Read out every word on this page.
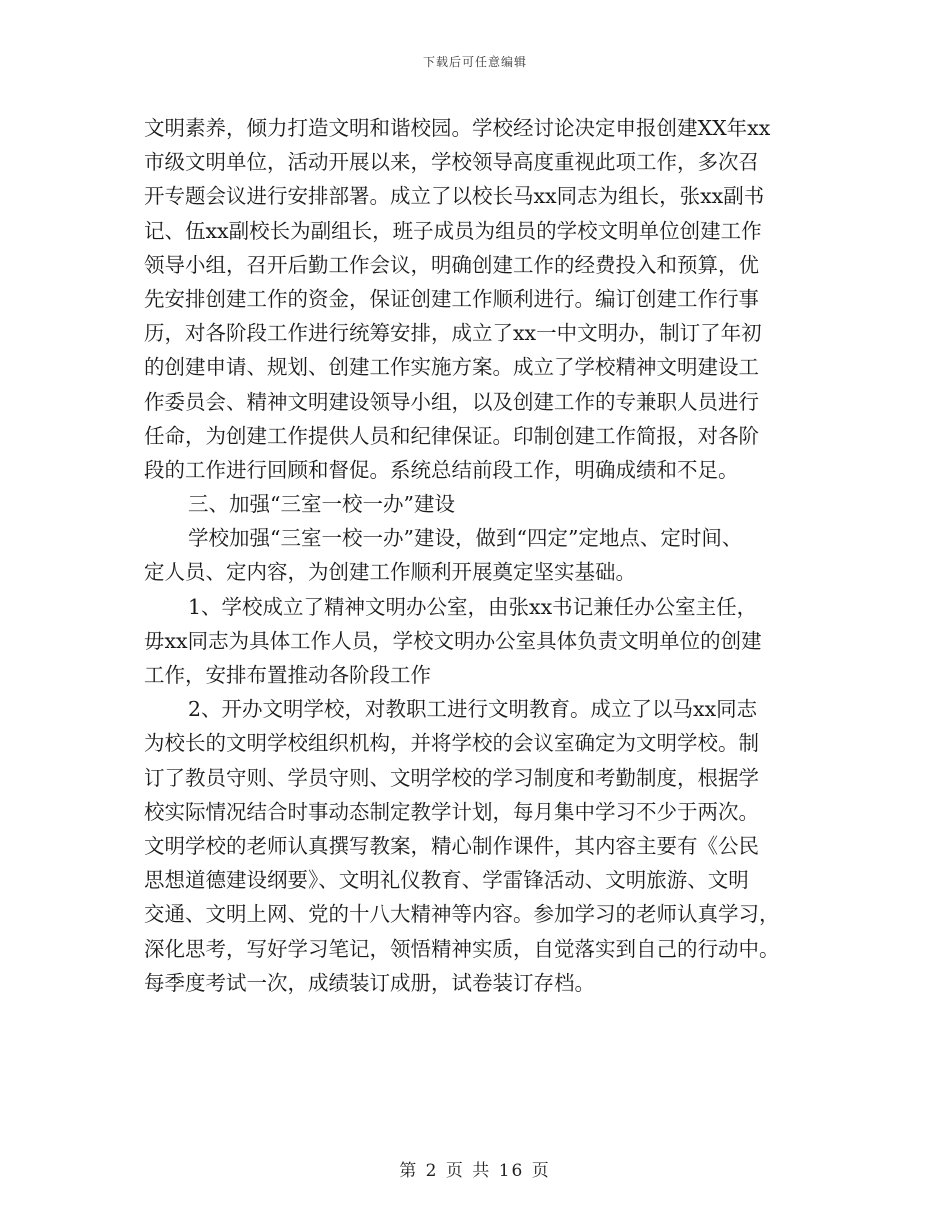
下载后可任意编辑
文明素养，倾力打造文明和谐校园。学校经讨论决定申报创建XX年xx
市级文明单位，活动开展以来，学校领导高度重视此项工作，多次召
开专题会议进行安排部署。成立了以校长马xx同志为组长，张xx副书
记、伍xx副校长为副组长，班子成员为组员的学校文明单位创建工作
领导小组，召开后勤工作会议，明确创建工作的经费投入和预算，优
先安排创建工作的资金，保证创建工作顺利进行。编订创建工作行事
历，对各阶段工作进行统筹安排，成立了xx一中文明办，制订了年初
的创建申请、规划、创建工作实施方案。成立了学校精神文明建设工
作委员会、精神文明建设领导小组，以及创建工作的专兼职人员进行
任命，为创建工作提供人员和纪律保证。印制创建工作简报，对各阶
段的工作进行回顾和督促。系统总结前段工作，明确成绩和不足。
三、加强“三室一校一办”建设
学校加强“三室一校一办”建设，做到“四定”定地点、定时间、
定人员、定内容，为创建工作顺利开展奠定坚实基础。
1、学校成立了精神文明办公室，由张xx书记兼任办公室主任，
毋xx同志为具体工作人员，学校文明办公室具体负责文明单位的创建
工作，安排布置推动各阶段工作
2、开办文明学校，对教职工进行文明教育。成立了以马xx同志
为校长的文明学校组织机构，并将学校的会议室确定为文明学校。制
订了教员守则、学员守则、文明学校的学习制度和考勤制度，根据学
校实际情况结合时事动态制定教学计划，每月集中学习不少于两次。
文明学校的老师认真撰写教案，精心制作课件，其内容主要有《公民
思想道德建设纲要》、文明礼仪教育、学雷锋活动、文明旅游、文明
交通、文明上网、党的十八大精神等内容。参加学习的老师认真学习，
深化思考，写好学习笔记，领悟精神实质，自觉落实到自己的行动中。
每季度考试一次，成绩装订成册，试卷装订存档。
第 2 页 共 16 页
